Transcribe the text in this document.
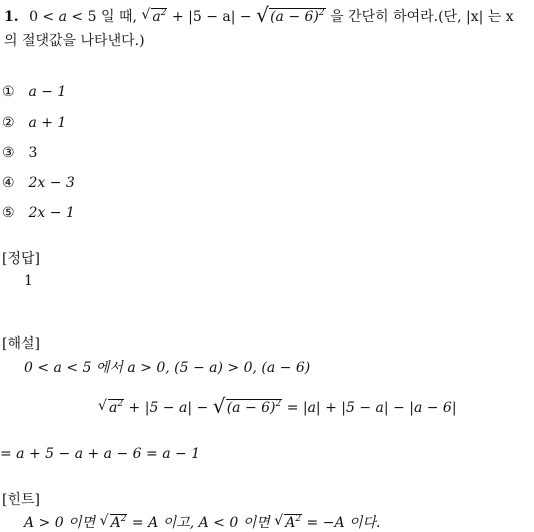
1. 0 < a < 5 일 때, √ $a^2 + |5 - a|$ − √ $(a - 6)^2$ 을 간단히 하여라.(단, |x| 는 x
의 절댓값을 나타낸다.)
① a − 1
② a + 1
③ 3
④ 2x − 3
⑤ 2x − 1
[정답]
1
[해설]
0 < a < 5 에서 a > 0, (5 − a) > 0, (a − 6)
√ $a^2 + |5 - a|$ − √ $(a - 6)^2 = |a| + |5 - a| - |a - 6|$
= a + 5 − a + a − 6 = a − 1
[힌트]
A > 0 이면 √ $A^2 = A$ 이고, A < 0 이면 √ $A^2 = -A$ 이다.
